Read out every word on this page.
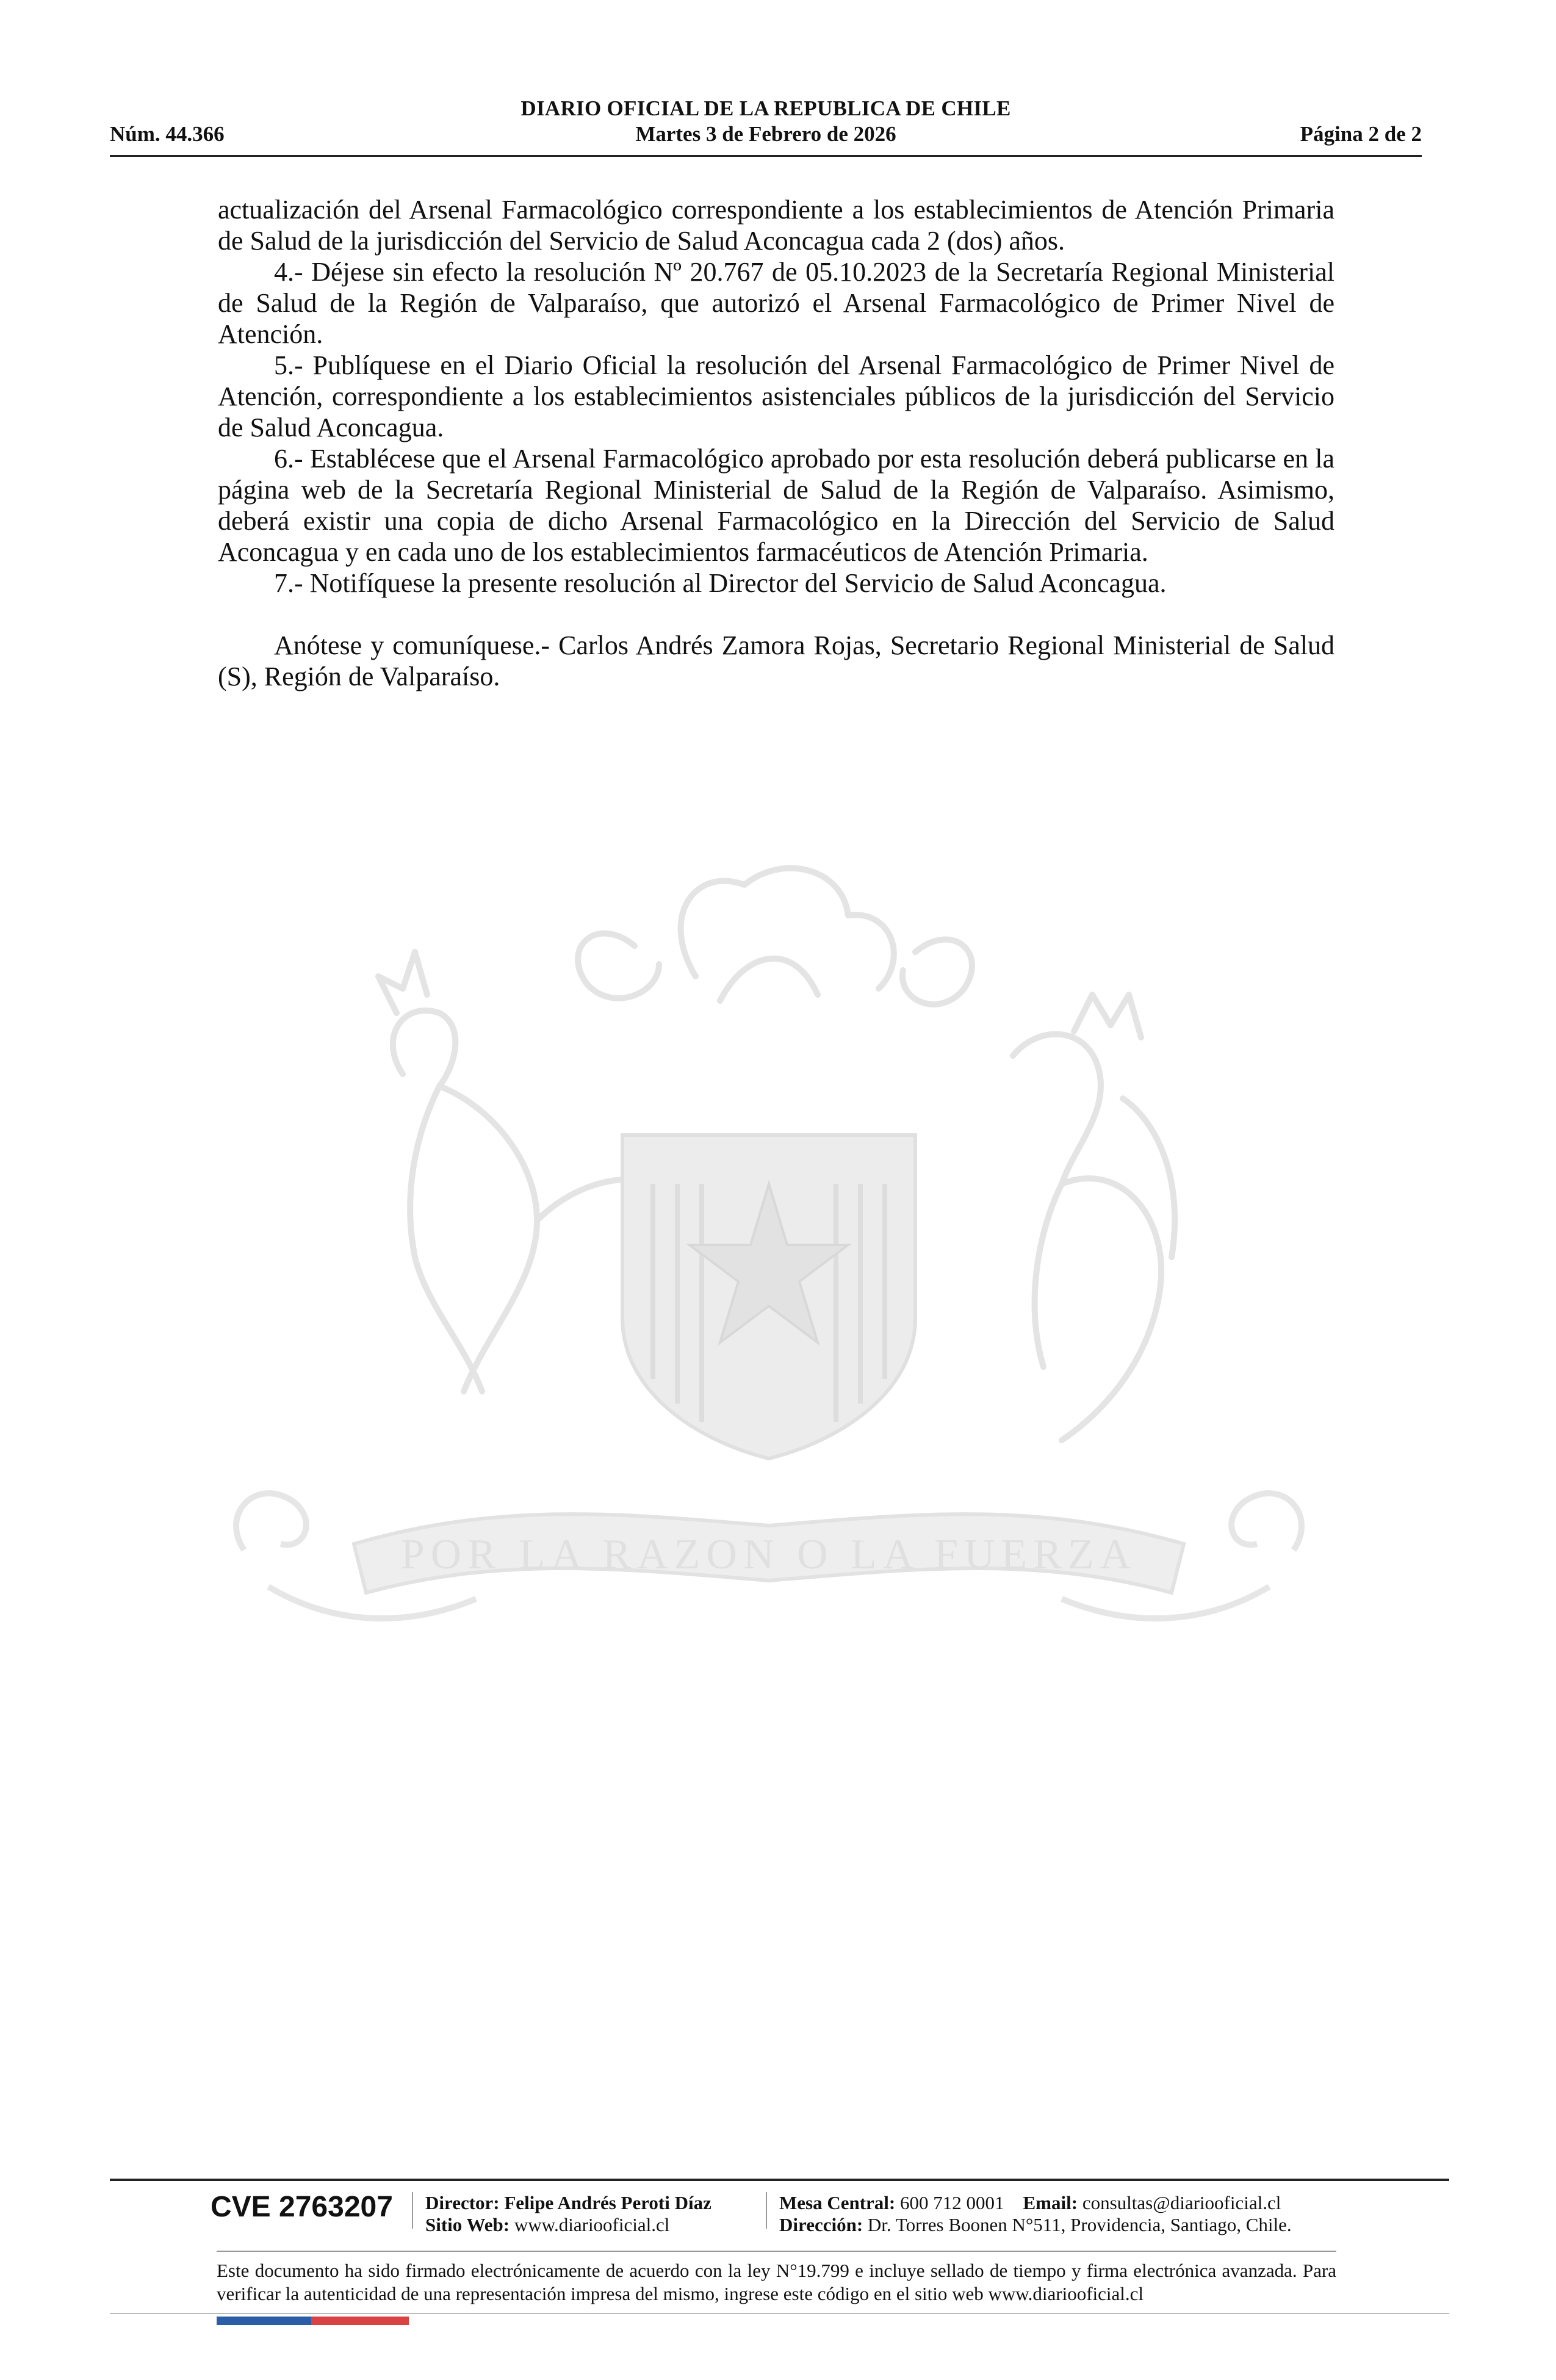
DIARIO OFICIAL DE LA REPUBLICA DE CHILE
Núm. 44.366	Martes 3 de Febrero de 2026	Página 2 de 2
POR LA RAZON O LA FUERZA

actualización del Arsenal Farmacológico correspondiente a los establecimientos de Atención Primaria de Salud de la jurisdicción del Servicio de Salud Aconcagua cada 2 (dos) años.

4.- Déjese sin efecto la resolución Nº 20.767 de 05.10.2023 de la Secretaría Regional Ministerial de Salud de la Región de Valparaíso, que autorizó el Arsenal Farmacológico de Primer Nivel de Atención.

5.- Publíquese en el Diario Oficial la resolución del Arsenal Farmacológico de Primer Nivel de Atención, correspondiente a los establecimientos asistenciales públicos de la jurisdicción del Servicio de Salud Aconcagua.

6.- Establécese que el Arsenal Farmacológico aprobado por esta resolución deberá publicarse en la página web de la Secretaría Regional Ministerial de Salud de la Región de Valparaíso. Asimismo, deberá existir una copia de dicho Arsenal Farmacológico en la Dirección del Servicio de Salud Aconcagua y en cada uno de los establecimientos farmacéuticos de Atención Primaria.

7.- Notifíquese la presente resolución al Director del Servicio de Salud Aconcagua.

Anótese y comuníquese.- Carlos Andrés Zamora Rojas, Secretario Regional Ministerial de Salud (S), Región de Valparaíso.

CVE 2763207 Director: Felipe Andrés Peroti Díaz
Sitio Web: www.diariooficial.cl
Mesa Central: 600 712 0001 Email: consultas@diariooficial.cl
Dirección: Dr. Torres Boonen N°511, Providencia, Santiago, Chile.
Este documento ha sido firmado electrónicamente de acuerdo con la ley N°19.799 e incluye sellado de tiempo y firma electrónica avanzada. Para verificar la autenticidad de una representación impresa del mismo, ingrese este código en el sitio web www.diariooficial.cl
